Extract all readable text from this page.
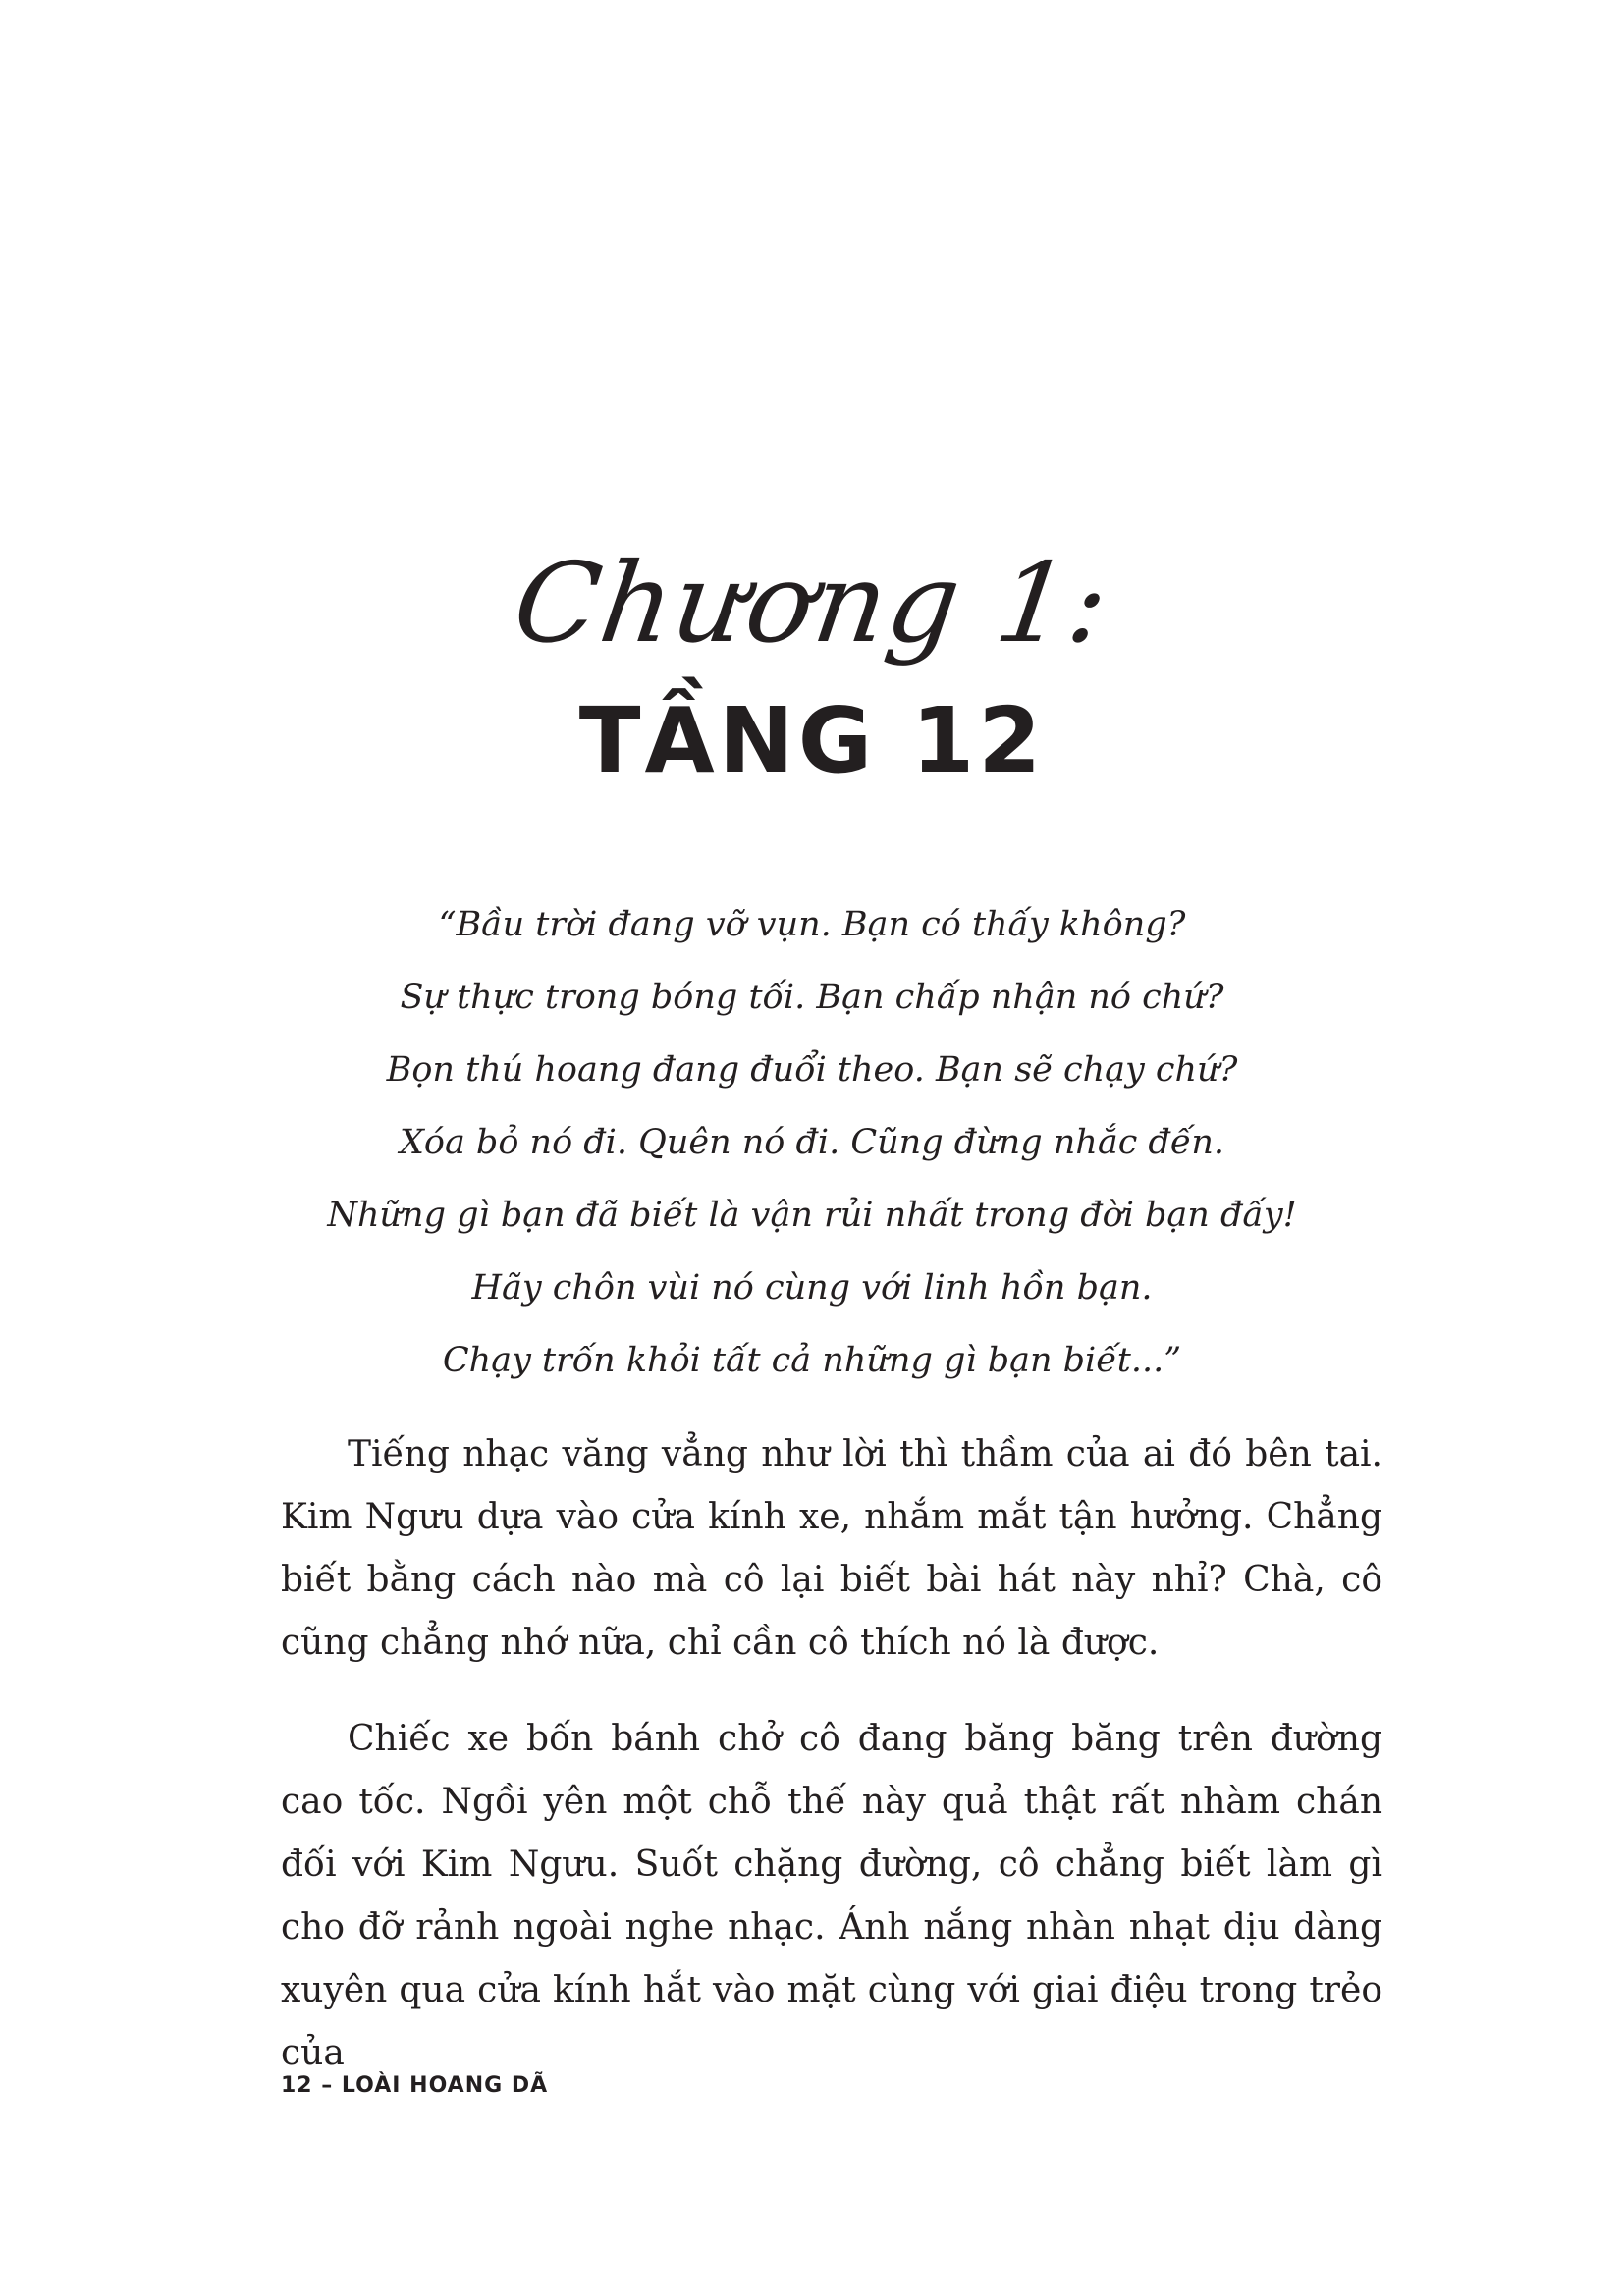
Chương 1:
TẦNG 12
“Bầu trời đang vỡ vụn. Bạn có thấy không?
Sự thực trong bóng tối. Bạn chấp nhận nó chứ?
Bọn thú hoang đang đuổi theo. Bạn sẽ chạy chứ?
Xóa bỏ nó đi. Quên nó đi. Cũng đừng nhắc đến.
Những gì bạn đã biết là vận rủi nhất trong đời bạn đấy!
Hãy chôn vùi nó cùng với linh hồn bạn.
Chạy trốn khỏi tất cả những gì bạn biết...”

Tiếng nhạc văng vẳng như lời thì thầm của ai đó bên tai. Kim Ngưu dựa vào cửa kính xe, nhắm mắt tận hưởng. Chẳng biết bằng cách nào mà cô lại biết bài hát này nhỉ? Chà, cô cũng chẳng nhớ nữa, chỉ cần cô thích nó là được.

Chiếc xe bốn bánh chở cô đang băng băng trên đường cao tốc. Ngồi yên một chỗ thế này quả thật rất nhàm chán đối với Kim Ngưu. Suốt chặng đường, cô chẳng biết làm gì cho đỡ rảnh ngoài nghe nhạc. Ánh nắng nhàn nhạt dịu dàng xuyên qua cửa kính hắt vào mặt cùng với giai điệu trong trẻo của

12 – LOÀI HOANG DÃ
